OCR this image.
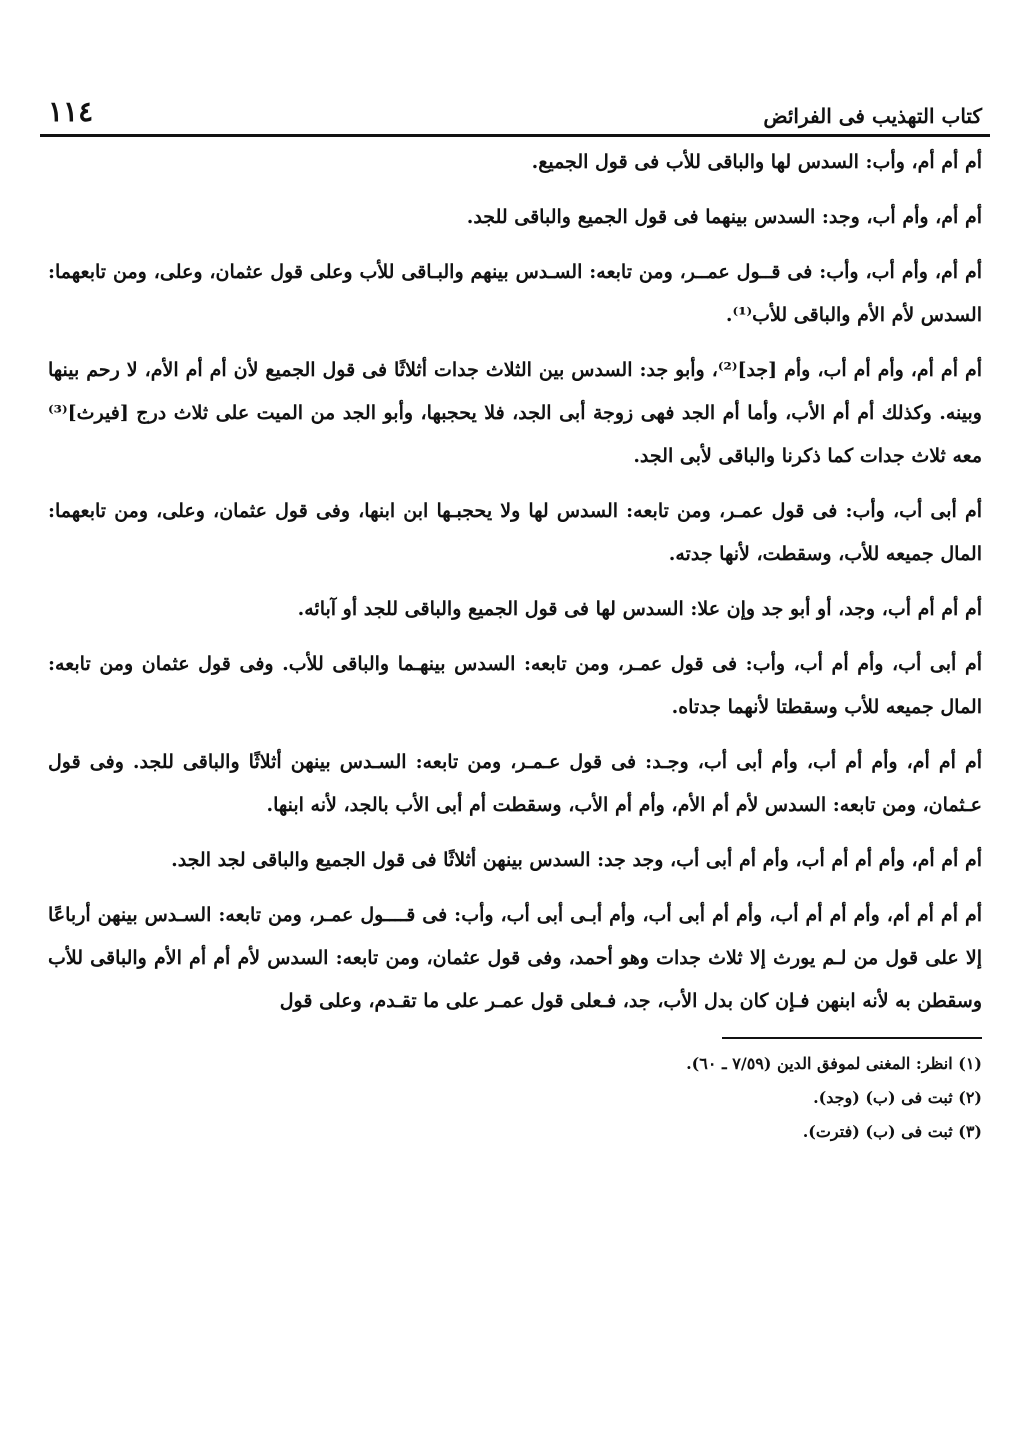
كتاب التهذيب فى الفرائض
١١٤

أم أم أم، وأب: السدس لها والباقى للأب فى قول الجميع.

أم أم، وأم أب، وجد: السدس بينهما فى قول الجميع والباقى للجد.

أم أم، وأم أب، وأب: فى قــول عمــر، ومن تابعه: السـدس بينهم والبـاقى للأب وعلى قول عثمان، وعلى، ومن تابعهما: السدس لأم الأم والباقى للأب⁽¹⁾.

أم أم أم، وأم أم أب، وأم [جد]⁽²⁾، وأبو جد: السدس بين الثلاث جدات أثلاثًا فى قول الجميع لأن أم أم الأم، لا رحم بينها وبينه. وكذلك أم أم الأب، وأما أم الجد فهى زوجة أبى الجد، فلا يحجبها، وأبو الجد من الميت على ثلاث درج [فيرث]⁽³⁾ معه ثلاث جدات كما ذكرنا والباقى لأبى الجد.

أم أبى أب، وأب: فى قول عمـر، ومن تابعه: السدس لها ولا يحجبـها ابن ابنها، وفى قول عثمان، وعلى، ومن تابعهما: المال جميعه للأب، وسقطت، لأنها جدته.

أم أم أم أب، وجد، أو أبو جد وإن علا: السدس لها فى قول الجميع والباقى للجد أو آبائه.

أم أبى أب، وأم أم أب، وأب: فى قول عمـر، ومن تابعه: السدس بينهـما والباقى للأب. وفى قول عثمان ومن تابعه: المال جميعه للأب وسقطتا لأنهما جدتاه.

أم أم أم، وأم أم أب، وأم أبى أب، وجـد: فى قول عـمـر، ومن تابعه: السـدس بينهن أثلاثًا والباقى للجد. وفى قول عـثمان، ومن تابعه: السدس لأم أم الأم، وأم أم الأب، وسقطت أم أبى الأب بالجد، لأنه ابنها.

أم أم أم، وأم أم أم أب، وأم أم أبى أب، وجد جد: السدس بينهن أثلاثًا فى قول الجميع والباقى لجد الجد.

أم أم أم أم، وأم أم أم أب، وأم أم أبى أب، وأم أبـى أبى أب، وأب: فى قــــول عمـر، ومن تابعه: السـدس بينهن أرباعًا إلا على قول من لـم يورث إلا ثلاث جدات وهو أحمد، وفى قول عثمان، ومن تابعه: السدس لأم أم أم الأم والباقى للأب وسقطن به لأنه ابنهن فـإن كان بدل الأب، جد، فـعلى قول عمـر على ما تقـدم، وعلى قول

(١) انظر: المغنى لموفق الدين (٧/٥٩ ـ ٦٠).
(٢) ثبت فى (ب) (وجد).
(٣) ثبت فى (ب) (فترت).
